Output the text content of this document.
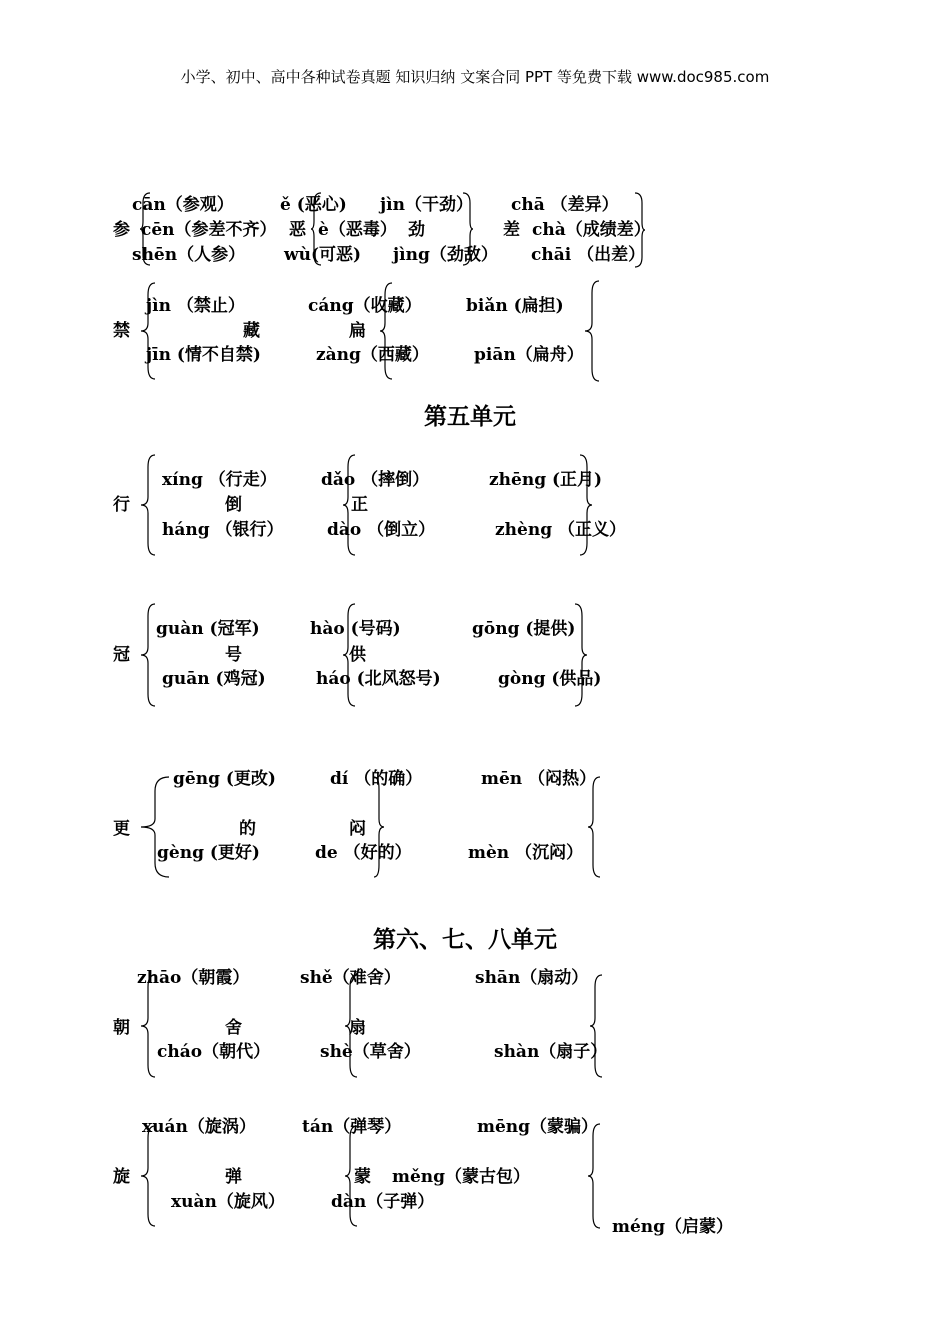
小学、初中、高中各种试卷真题 知识归纳 文案合同 PPT 等免费下载 www.doc985.com
cān（参观）
参 cēn（参差不齐）
shēn（人参）
ě (恶心)
恶 è（恶毒）
wù(可恶)
jìn（干劲）
劲
jìng（劲敌）
chā （差异）
差 chà（成绩差）
chāi （出差）
禁
jìn （禁止）
jīn (情不自禁)
cáng（收藏）
藏
zàng（西藏）
biǎn (扁担)
扁
piān（扁舟）
第五单元
行
xíng （行走）
háng （银行）
dǎo （摔倒）
倒
dào （倒立）
zhēng (正月)
正
zhèng （正义）
冠
guàn (冠军)
guān (鸡冠)
hào (号码)
号
háo (北风怒号)
gōng (提供)
供
gòng (供品)
更
gēng (更改)
gèng (更好)
dí （的确）
的
de （好的）
mēn （闷热）
闷
mèn （沉闷）
第六、七、八单元
zhāo（朝霞）
朝
cháo（朝代）
shě（难舍）
舍
shè（草舍）
shān（扇动）
扇
shàn（扇子）
xuán（旋涡）
旋
xuàn（旋风）
tán（弹琴）
弹
dàn（子弹）
mēng（蒙骗）
蒙 měng（蒙古包）
méng（启蒙）
